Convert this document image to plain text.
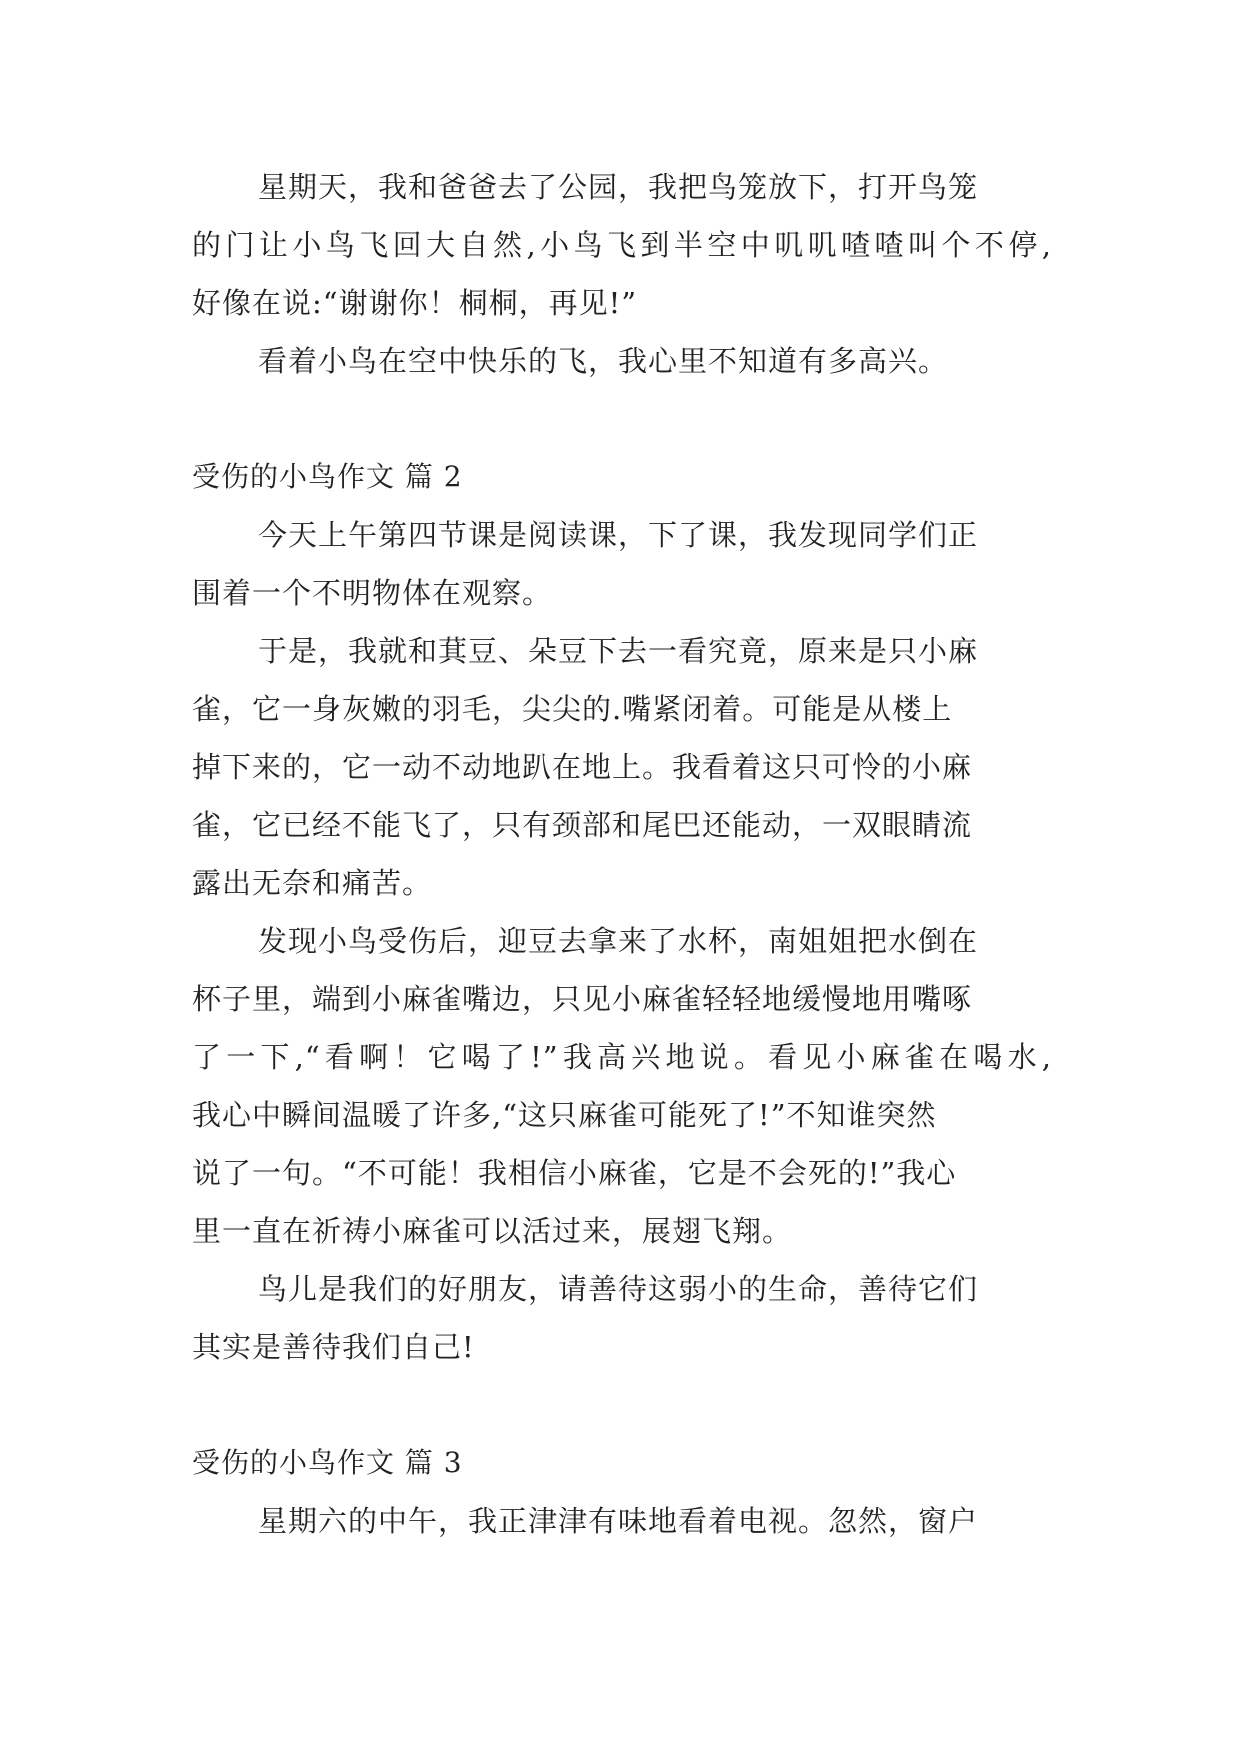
星期天，我和爸爸去了公园，我把鸟笼放下，打开鸟笼

的门让小鸟飞回大自然,小鸟飞到半空中叽叽喳喳叫个不停,

好像在说:“谢谢你！桐桐，再见!”

看着小鸟在空中快乐的飞，我心里不知道有多高兴。

受伤的小鸟作文 篇 2

今天上午第四节课是阅读课，下了课，我发现同学们正

围着一个不明物体在观察。

于是，我就和萁豆、朵豆下去一看究竟，原来是只小麻

雀，它一身灰嫩的羽毛，尖尖的.嘴紧闭着。可能是从楼上

掉下来的，它一动不动地趴在地上。我看着这只可怜的小麻

雀，它已经不能飞了，只有颈部和尾巴还能动，一双眼睛流

露出无奈和痛苦。

发现小鸟受伤后，迎豆去拿来了水杯，南姐姐把水倒在

杯子里，端到小麻雀嘴边，只见小麻雀轻轻地缓慢地用嘴啄

了一下,“看啊！它喝了!”我高兴地说。看见小麻雀在喝水,

我心中瞬间温暖了许多,“这只麻雀可能死了!”不知谁突然

说了一句。“不可能！我相信小麻雀，它是不会死的!”我心

里一直在祈祷小麻雀可以活过来，展翅飞翔。

鸟儿是我们的好朋友，请善待这弱小的生命，善待它们

其实是善待我们自己!

受伤的小鸟作文 篇 3

星期六的中午，我正津津有味地看着电视。忽然，窗户
